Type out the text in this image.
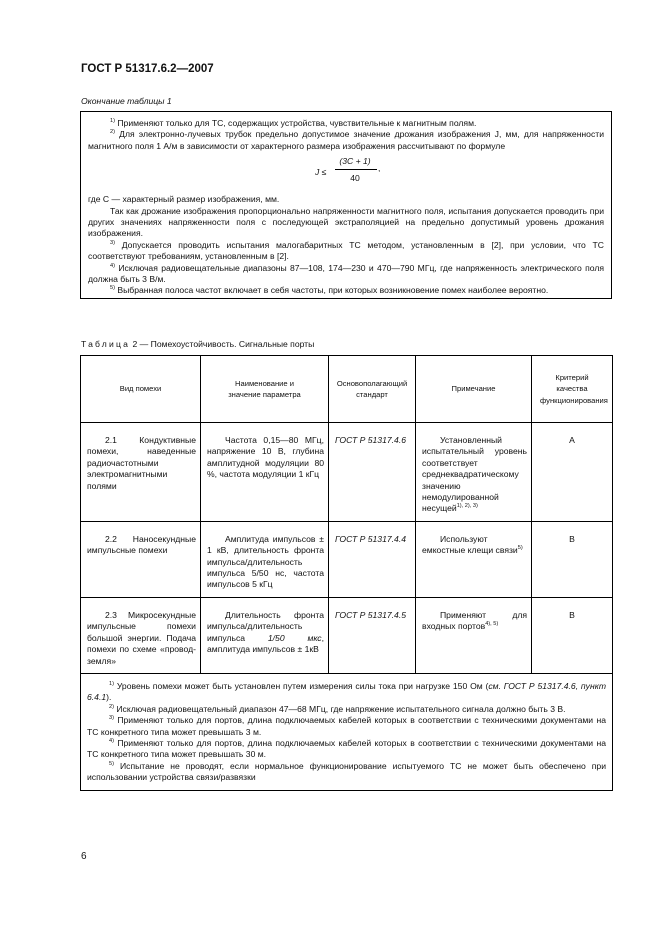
ГОСТ Р 51317.6.2—2007
Окончание таблицы 1

$^{1)}$ Применяют только для ТС, содержащих устройства, чувствительные к магнитным полям.

$^{2)}$ Для электронно-лучевых трубок предельно допустимое значение дрожания изображения J, мм, для напряженности магнитного поля 1 А/м в зависимости от характерного размера изображения рассчитывают по формуле

J ≤
(3C + 1)
40
,

где C — характерный размер изображения, мм.

Так как дрожание изображения пропорционально напряженности магнитного поля, испытания допускается проводить при других значениях напряженности поля с последующей экстраполяцией на предельно допустимый уровень дрожания изображения.

$^{3)}$ Допускается проводить испытания малогабаритных ТС методом, установленным в [2], при условии, что ТС соответствуют требованиям, установленным в [2].

$^{4)}$ Исключая радиовещательные диапазоны 87—108, 174—230 и 470—790 МГц, где напряженность электрического поля должна быть 3 В/м.

$^{5)}$ Выбранная полоса частот включает в себя частоты, при которых возникновение помех наиболее вероятно.

Таблица 2 — Помехоустойчивость. Сигнальные порты
Вид помехи	Наименование и значение параметра	Основополагающий стандарт	Примечание	Критерий качества функционирования

2.1 Кондуктивные помехи, наведенные радиочастотными электромагнитными полями	Частота 0,15—80 МГц, напряжение 10 В, глубина амплитудной модуляции 80 %, частота модуляции 1 кГц	ГОСТ Р 51317.4.6	Установленный испытательный уровень соответствует среднеквадратическому значению немодулированной несущей$^{1), 2), 3)}$	А

2.2 Наносекундные импульсные помехи	Амплитуда импульсов ± 1 кВ, длительность фронта импульса/длительность импульса 5/50 нс, частота импульсов 5 кГц	ГОСТ Р 51317.4.4	Используют емкостные клещи связи$^{5)}$	В

2.3 Микросекундные импульсные помехи большой энергии. Подача помехи по схеме «провод-земля»	Длительность фронта импульса/длительность импульса 1/50 мкс, амплитуда импульсов ± 1кВ	ГОСТ Р 51317.4.5	Применяют для входных портов$^{4), 5)}$	В

$^{1)}$ Уровень помехи может быть установлен путем измерения силы тока при нагрузке 150 Ом (см. ГОСТ Р 51317.4.6, пункт 6.4.1).

$^{2)}$ Исключая радиовещательный диапазон 47—68 МГц, где напряжение испытательного сигнала должно быть 3 В.

$^{3)}$ Применяют только для портов, длина подключаемых кабелей которых в соответствии с техническими документами на ТС конкретного типа может превышать 3 м.

$^{4)}$ Применяют только для портов, длина подключаемых кабелей которых в соответствии с техническими документами на ТС конкретного типа может превышать 30 м.

$^{5)}$ Испытание не проводят, если нормальное функционирование испытуемого ТС не может быть обеспечено при использовании устройства связи/развязки				

6
